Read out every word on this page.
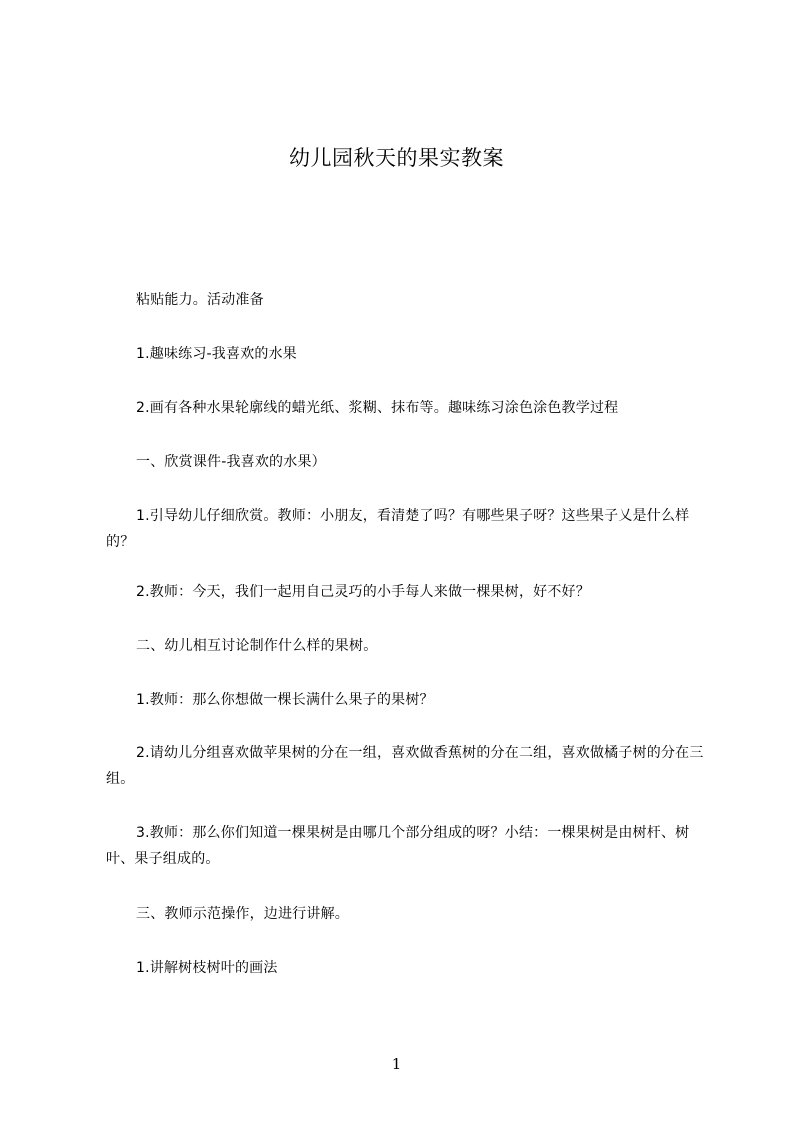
幼儿园秋天的果实教案
粘贴能力。活动准备
1.趣味练习-我喜欢的水果
2.画有各种水果轮廓线的蜡光纸、浆糊、抹布等。趣味练习涂色涂色教学过程
一、欣赏课件-我喜欢的水果）
1.引导幼儿仔细欣赏。教师：小朋友，看清楚了吗？有哪些果子呀？这些果子乂是什么样的？
2.教师：今天，我们一起用自己灵巧的小手每人来做一棵果树，好不好？
二、幼儿相互讨论制作什么样的果树。
1.教师：那么你想做一棵长满什么果子的果树？
2.请幼儿分组喜欢做苹果树的分在一组，喜欢做香蕉树的分在二组，喜欢做橘子树的分在三组。
3.教师：那么你们知道一棵果树是由哪几个部分组成的呀？小结：一棵果树是由树杆、树叶、果子组成的。
三、教师示范操作，边进行讲解。
1.讲解树枝树叶的画法
1
